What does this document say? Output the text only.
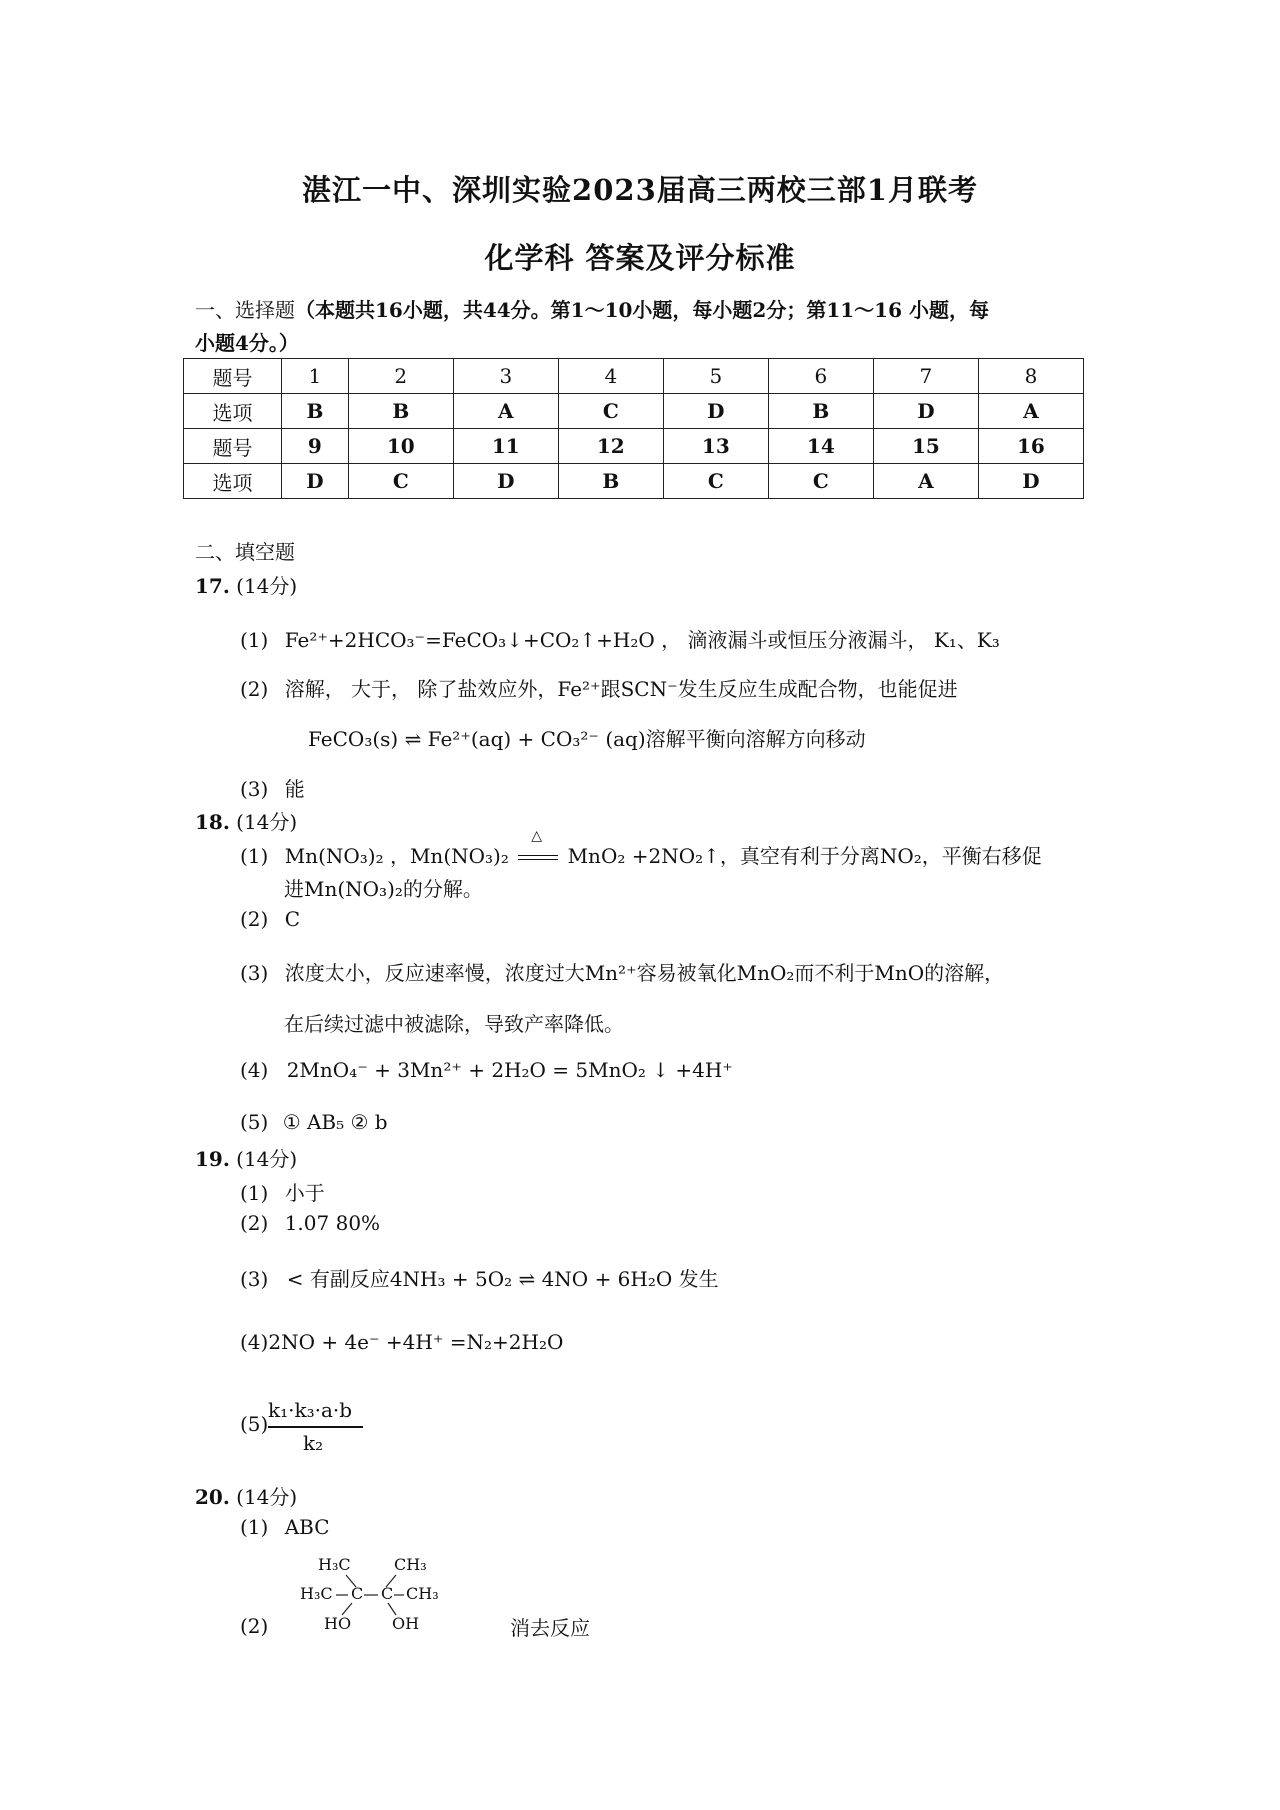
湛江一中、深圳实验2023届高三两校三部1月联考
化学科 答案及评分标准
一、选择题（本题共16小题，共44分。第1～10小题，每小题2分；第11～16 小题，每
小题4分。）
题号	1	2	3	4	5	6	7	8
选项	B	B	A	C	D	B	D	A
题号	9	10	11	12	13	14	15	16
选项	D	C	D	B	C	C	A	D
二、填空题
17. (14分)
(1) Fe²⁺+2HCO₃⁻=FeCO₃↓+CO₂↑+H₂O ， 滴液漏斗或恒压分液漏斗， K₁、K₃
(2) 溶解， 大于， 除了盐效应外，Fe²⁺跟SCN⁻发生反应生成配合物，也能促进
FeCO₃(s) ⇌ Fe²⁺(aq) + CO₃²⁻ (aq)溶解平衡向溶解方向移动
(3) 能
18. (14分)
(1) Mn(NO₃)₂ ，Mn(NO₃)₂
△
MnO₂ +2NO₂↑，真空有利于分离NO₂，平衡右移促
进Mn(NO₃)₂的分解。
(2) C
(3) 浓度太小，反应速率慢，浓度过大Mn²⁺容易被氧化MnO₂而不利于MnO的溶解，
在后续过滤中被滤除，导致产率降低。
(4) 2MnO₄⁻ + 3Mn²⁺ + 2H₂O = 5MnO₂ ↓ +4H⁺
(5) ① AB₅ ② b
19. (14分)
(1) 小于
(2) 1.07 80%
(3) < 有副反应4NH₃ + 5O₂ ⇌ 4NO + 6H₂O 发生
(4)2NO + 4e⁻ +4H⁺ =N₂+2H₂O
(5)
k₁·k₃·a·b
k₂
20. (14分)
(1) ABC
H₃C	CH₃
H₃C C C CH₃
HO	OH
(2)	消去反应
